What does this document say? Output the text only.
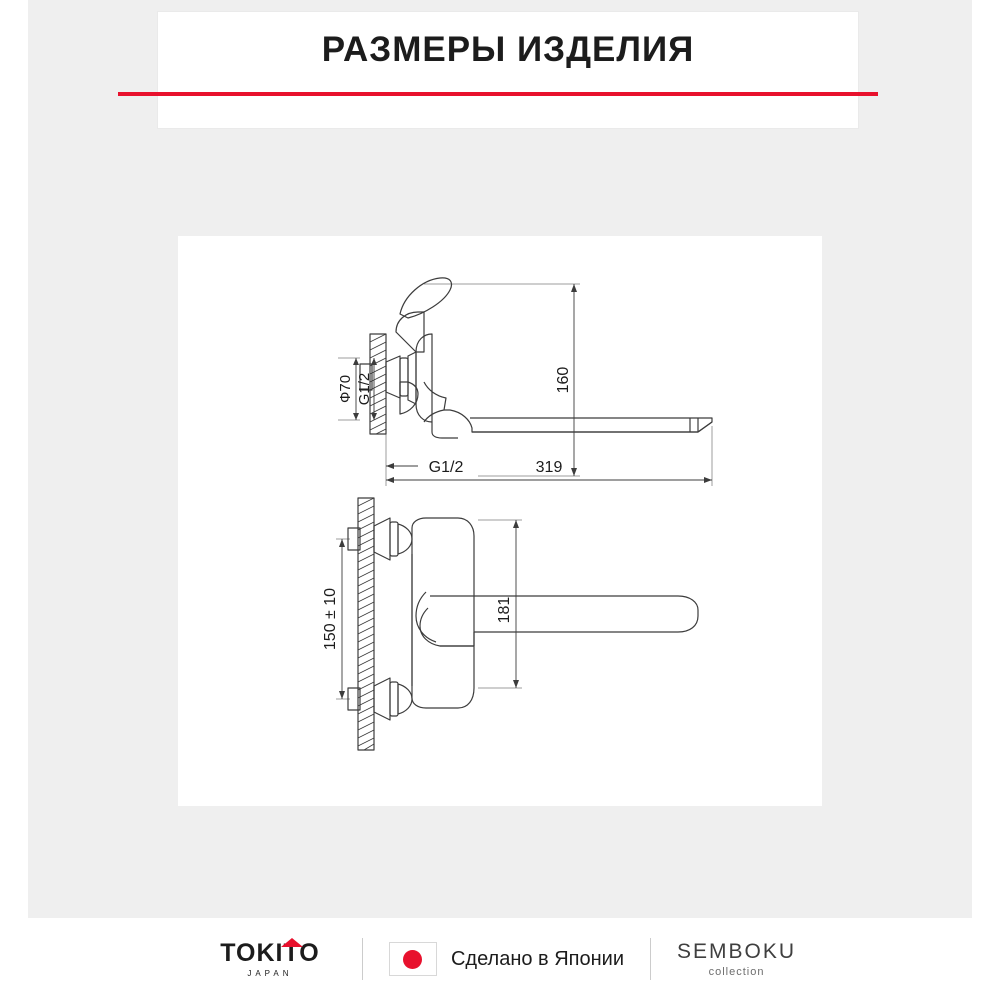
РАЗМЕРЫ ИЗДЕЛИЯ
Ф70 G1/2	160
G1/2	319
150 ± 10	181
TOKITO
JAPAN
Сделано в Японии	SEMBOKU
collection
